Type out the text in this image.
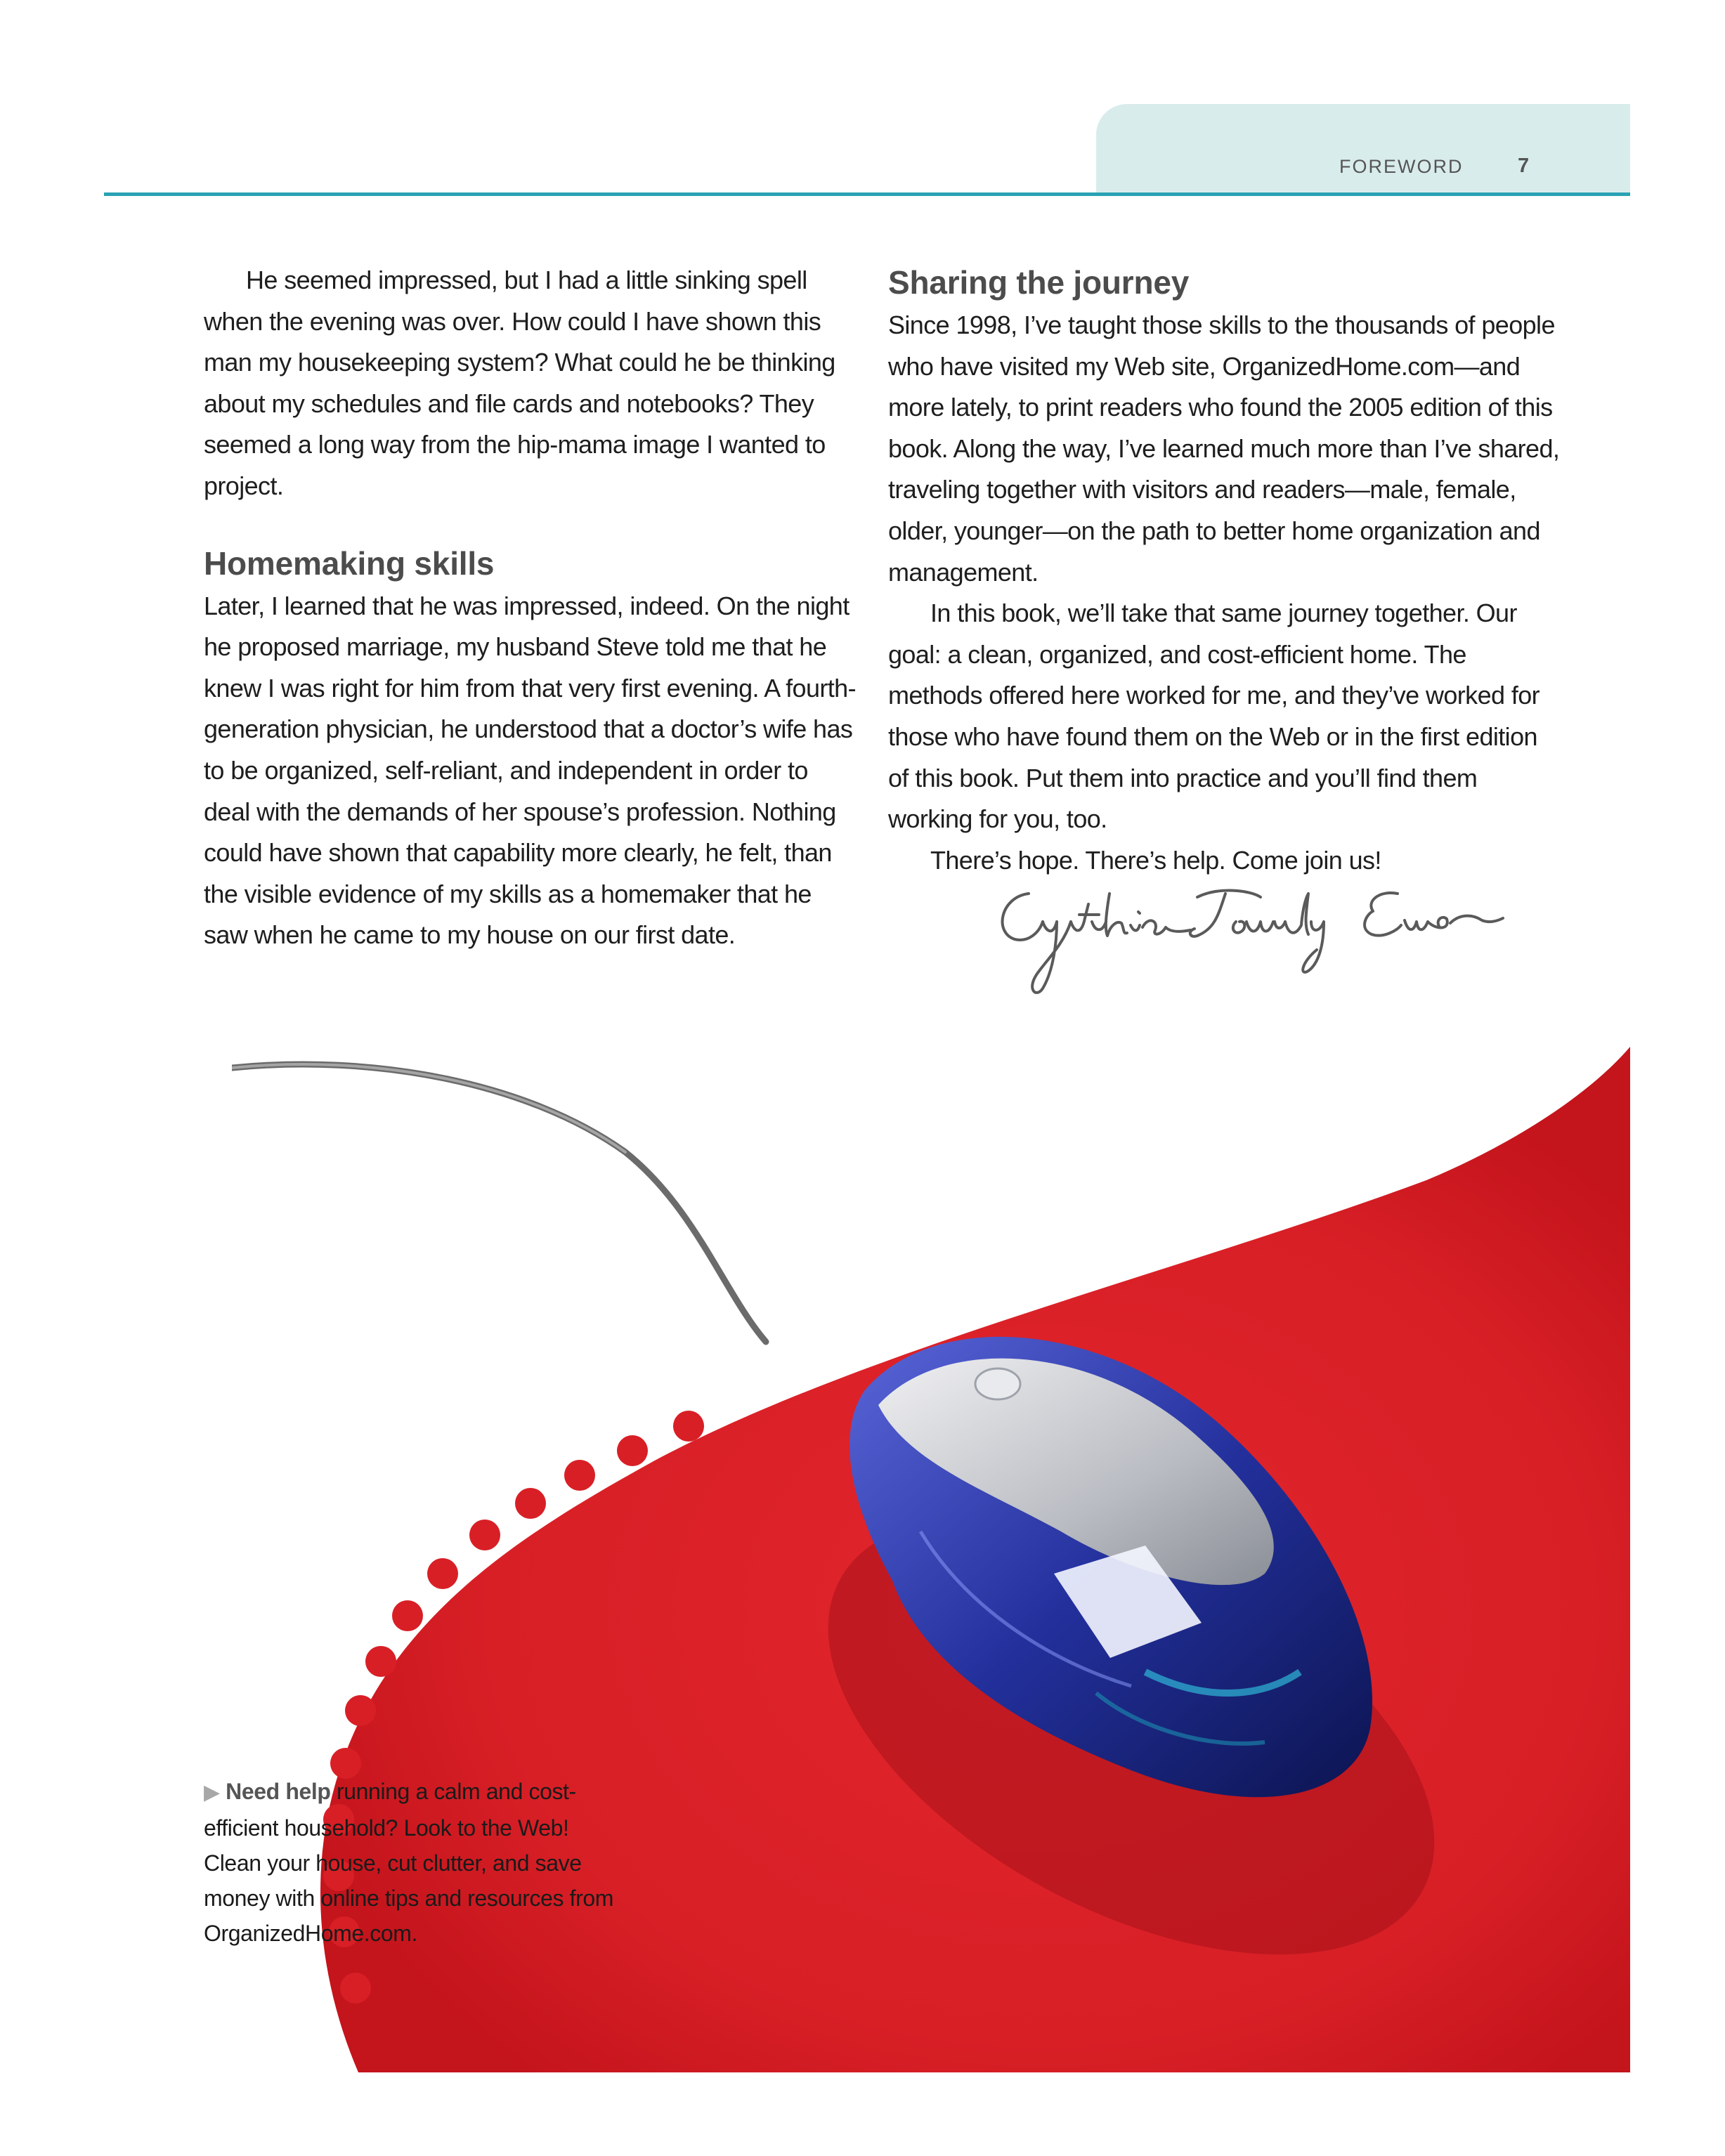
FOREWORD	7

He seemed impressed, but I had a little sinking spell when the evening was over. How could I have shown this man my housekeeping system? What could he be thinking about my schedules and file cards and notebooks? They seemed a long way from the hip-mama image I wanted to project.

Homemaking skills

Later, I learned that he was impressed, indeed. On the night he proposed marriage, my husband Steve told me that he knew I was right for him from that very first evening. A fourth-generation physician, he understood that a doctor’s wife has to be organized, self-reliant, and independent in order to deal with the demands of her spouse’s profession. Nothing could have shown that capability more clearly, he felt, than the visible evidence of my skills as a homemaker that he saw when he came to my house on our first date.

Sharing the journey

Since 1998, I’ve taught those skills to the thousands of people who have visited my Web site, OrganizedHome.com—and more lately, to print readers who found the 2005 edition of this book. Along the way, I’ve learned much more than I’ve shared, traveling together with visitors and readers—male, female, older, younger—on the path to better home organization and management.

In this book, we’ll take that same journey together. Our goal: a clean, organized, and cost-efficient home. The methods offered here worked for me, and they’ve worked for those who have found them on the Web or in the first edition of this book. Put them into practice and you’ll find them working for you, too.

There’s hope. There’s help. Come join us!

▶ Need help running a calm and cost-efficient household? Look to the Web! Clean your house, cut clutter, and save money with online tips and resources from OrganizedHome.com.
